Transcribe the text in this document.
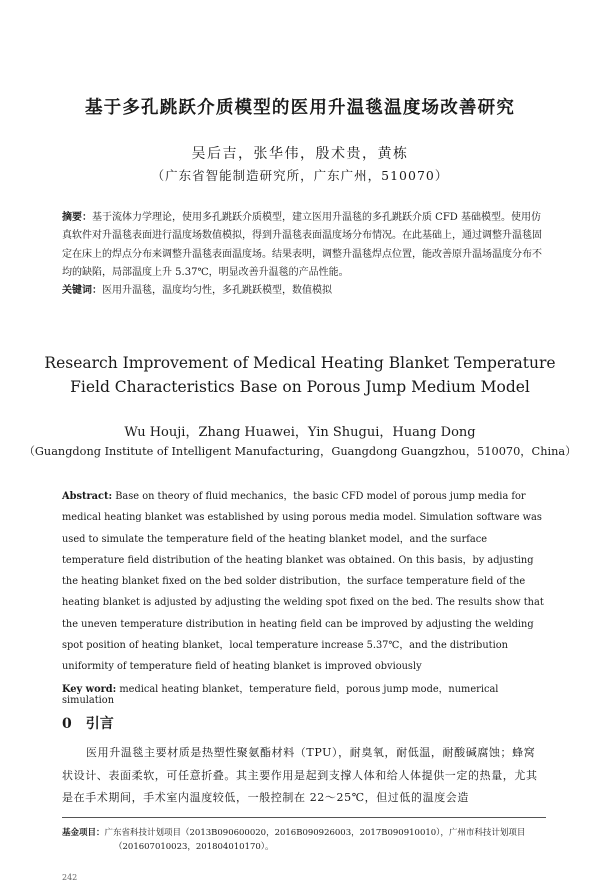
基于多孔跳跃介质模型的医用升温毯温度场改善研究
吴后吉，张华伟，殷术贵，黄栋
（广东省智能制造研究所，广东广州，510070）
摘要：基于流体力学理论，使用多孔跳跃介质模型，建立医用升温毯的多孔跳跃介质 CFD 基础模型。使用仿真软件对升温毯表面进行温度场数值模拟，得到升温毯表面温度场分布情况。在此基础上，通过调整升温毯固定在床上的焊点分布来调整升温毯表面温度场。结果表明，调整升温毯焊点位置，能改善原升温场温度分布不均的缺陷，局部温度上升 5.37℃，明显改善升温毯的产品性能。
关键词：医用升温毯，温度均匀性，多孔跳跃模型，数值模拟
Research Improvement of Medical Heating Blanket Temperature
Field Characteristics Base on Porous Jump Medium Model
Wu Houji，Zhang Huawei，Yin Shugui，Huang Dong
（Guangdong Institute of Intelligent Manufacturing，Guangdong Guangzhou，510070，China）
Abstract: Base on theory of fluid mechanics，the basic CFD model of porous jump media for medical heating blanket was established by using porous media model. Simulation software was used to simulate the temperature field of the heating blanket model，and the surface temperature field distribution of the heating blanket was obtained. On this basis，by adjusting the heating blanket fixed on the bed solder distribution，the surface temperature field of the heating blanket is adjusted by adjusting the welding spot fixed on the bed. The results show that the uneven temperature distribution in heating field can be improved by adjusting the welding spot position of heating blanket，local temperature increase 5.37℃，and the distribution uniformity of temperature field of heating blanket is improved obviously
Key word: medical heating blanket，temperature field，porous jump mode，numerical simulation
0 引言
医用升温毯主要材质是热塑性聚氨酯材料（TPU），耐臭氧，耐低温，耐酸碱腐蚀；蜂窝状设计、表面柔软，可任意折叠。其主要作用是起到支撑人体和给人体提供一定的热量，尤其是在手术期间，手术室内温度较低，一般控制在 22～25℃，但过低的温度会造
基金项目：广东省科技计划项目（2013B090600020，2016B090926003，2017B090910010），广州市科技计划项目
（201607010023，201804010170）。
242
